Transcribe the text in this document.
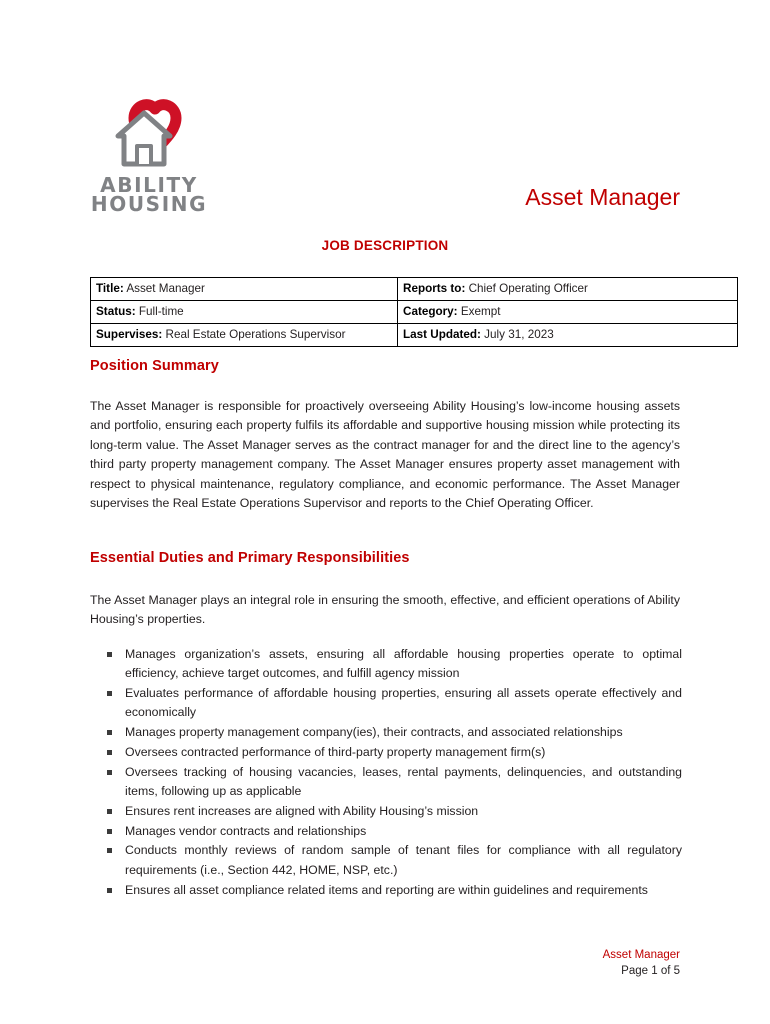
ABILITY
HOUSING	Asset Manager
JOB DESCRIPTION
Title: Asset Manager	Reports to: Chief Operating Officer
Status: Full-time	Category: Exempt
Supervises: Real Estate Operations Supervisor	Last Updated: July 31, 2023
Position Summary
The Asset Manager is responsible for proactively overseeing Ability Housing’s low-income housing assets and portfolio, ensuring each property fulfils its affordable and supportive housing mission while protecting its long-term value. The Asset Manager serves as the contract manager for and the direct line to the agency’s third party property management company. The Asset Manager ensures property asset management with respect to physical maintenance, regulatory compliance, and economic performance. The Asset Manager supervises the Real Estate Operations Supervisor and reports to the Chief Operating Officer.
Essential Duties and Primary Responsibilities
The Asset Manager plays an integral role in ensuring the smooth, effective, and efficient operations of Ability Housing’s properties.
Manages organization’s assets, ensuring all affordable housing properties operate to optimal efficiency, achieve target outcomes, and fulfill agency mission
Evaluates performance of affordable housing properties, ensuring all assets operate effectively and economically
Manages property management company(ies), their contracts, and associated relationships
Oversees contracted performance of third-party property management firm(s)
Oversees tracking of housing vacancies, leases, rental payments, delinquencies, and outstanding items, following up as applicable
Ensures rent increases are aligned with Ability Housing’s mission
Manages vendor contracts and relationships
Conducts monthly reviews of random sample of tenant files for compliance with all regulatory requirements (i.e., Section 442, HOME, NSP, etc.)
Ensures all asset compliance related items and reporting are within guidelines and requirements
Asset Manager
Page 1 of 5
